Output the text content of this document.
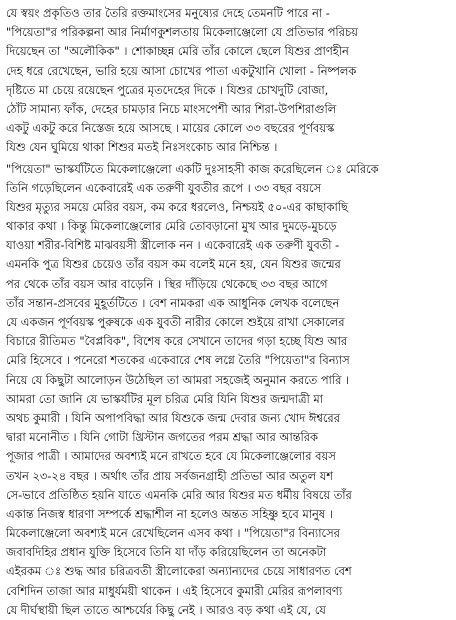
যে স্বয়ং প্রকৃতিও তার তৈরি রক্তমাংসের মনুষ্যের দেহে তেমনটি পারে না -
"পিয়েতা"র পরিকল্পনা আর নির্মাণকুশলতায় মিকেলাঞ্জেলো যে প্রতিভার পরিচয়
দিয়েছেন তা "অলৌকিক" । শোকাচ্ছন্ন মেরি তাঁর কোলে ছেলে যিশুর প্রাণহীন
দেহ ধরে রেখেছেন, ভারি হয়ে আসা চোখের পাতা একটুখানি খোলা - নিষ্পলক
দৃষ্টিতে মা চেয়ে রয়েছেন পুত্রের মৃতদেহের দিকে । যিশুর চোখদুটি বোজা,
ঠোঁট সামান্য ফাঁক, দেহের চামড়ার নিচে মাংসপেশী আর শিরা-উপশিরাগুলি
একটু একটু করে নিস্তেজ হয়ে আসছে । মায়ের কোলে ৩৩ বছরের পূর্ণবয়স্ক
যিশু যেন ঘুমিয়ে থাকা শিশুর মতই নিঃসংকোচ আর নিশ্চিন্ত ।
"পিয়েতা" ভাস্কর্যটিতে মিকেলাঞ্জেলো একটি দুঃসাহসী কাজ করেছিলেন ঃ মেরিকে
তিনি গড়েছিলেন একেবারেই এক তরুণী যুবতীর রূপে । ৩৩ বছর বয়সে
যিশুর মৃত্যুর সময়ে মেরির বয়স, কম করে ধরলেও, নিশ্চয়ই ৫০-এর কাছাকাছি
থাকার কথা । কিন্তু মিকেলাঞ্জেলোর মেরি তোবড়ানো মুখ আর দুমড়ে-মুচড়ে
যাওয়া শরীর-বিশিষ্ট মাঝবয়সী স্ত্রীলোক নন । একেবারেই এক তরুণী যুবতী -
এমনকি পুত্র যিশুর চেয়েও তাঁর বয়স কম বলেই মনে হয়, যেন যিশুর জন্মের
পর থেকে তাঁর বয়স আর বাড়েনি । স্থির দাঁড়িয়ে থেকেছে ৩৩ বছর আগে
তাঁর সন্তান-প্রসবের মুহূর্তটিতে । বেশ নামকরা এক আধুনিক লেখক বলেছেন
যে একজন পূর্ণবয়স্ক পুরুষকে এক যুবতী নারীর কোলে শুইয়ে রাখা সেকালের
বিচারে রীতিমত "বৈপ্লবিক", বিশেষ করে সেখানে তাদের গড়া হচ্ছে যিশু আর
মেরি হিসেবে । পনেরো শতকের একেবারে শেষ লগ্নে তৈরি "পিয়েতা"র বিন্যাস
নিয়ে যে কিছুটা আলোড়ন উঠেছিল তা আমরা সহজেই অনুমান করতে পারি ।
আমরা তো জানি যে ভাস্কর্যটির মূল চরিত্র মেরি যিনি যিশুর জন্মদাত্রী মা
অথচ কুমারী । যিনি অপাপবিদ্ধা আর যিশুকে জন্ম দেবার জন্য খোদ ঈশ্বরের
দ্বারা মনোনীত । যিনি গোটা খ্রিস্টান জগতের পরম শ্রদ্ধা আর আন্তরিক
পূজার পাত্রী । আমাদের অবশ্যই মনে রাখতে হবে যে মিকেলাঞ্জেলোর বয়স
তখন ২৩-২৪ বছর । অর্থাৎ তাঁর প্রায় সর্বজনগ্রাহী প্রতিভা আর অতুল যশ
সে-ভাবে প্রতিষ্ঠিত হয়নি যাতে এমনকি মেরি আর যিশুর মত ধর্মীয় বিষয়ে তাঁর
একান্ত নিজস্ব ধারণা সম্পর্কে শ্রদ্ধাশীল না হলেও অন্তত সহিষ্ণু হবে মানুষ ।
মিকেলাঞ্জেলো অবশ্যই মনে রেখেছিলেন এসব কথা । "পিয়েতা"র বিন্যাসের
জবাবদিহির প্রধান যুক্তি হিসেবে তিনি যা দাঁড় করিয়েছিলেন তা অনেকটা
এইরকম ঃ শুদ্ধ আর চরিত্রবতী স্ত্রীলোকেরা অন্যান্যদের চেয়ে সাধারণত বেশ
বেশিদিন তাজা আর মাধুর্যময়ী থাকেন । এই হিসেবে কুমারী মেরির রূপলাবণ্য
যে দীর্ঘস্থায়ী ছিল তাতে আশ্চর্যের কিছু নেই । আরও বড় কথা এই যে, যে
